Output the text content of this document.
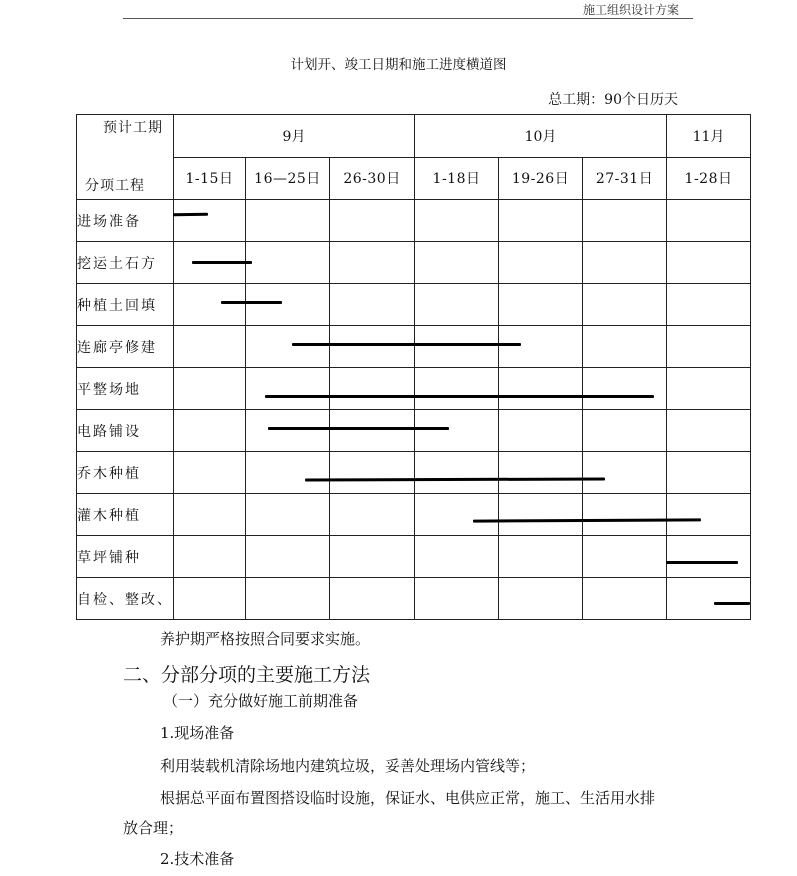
施工组织设计方案
计划开、竣工日期和施工进度横道图
总工期：90个日历天
预计工期
分项工程	9月			10月			11月
	1-15日	16—25日	26-30日	1-18日	19-26日	27-31日	1-28日
进场准备							
挖运土石方							
种植土回填							
连廊亭修建							
平整场地							
电路铺设							
乔木种植							
灌木种植							
草坪铺种							
自检、整改、							
养护期严格按照合同要求实施。
二、分部分项的主要施工方法
（一）充分做好施工前期准备
1.现场准备
利用装载机清除场地内建筑垃圾，妥善处理场内管线等；
根据总平面布置图搭设临时设施，保证水、电供应正常，施工、生活用水排
放合理；
2.技术准备
